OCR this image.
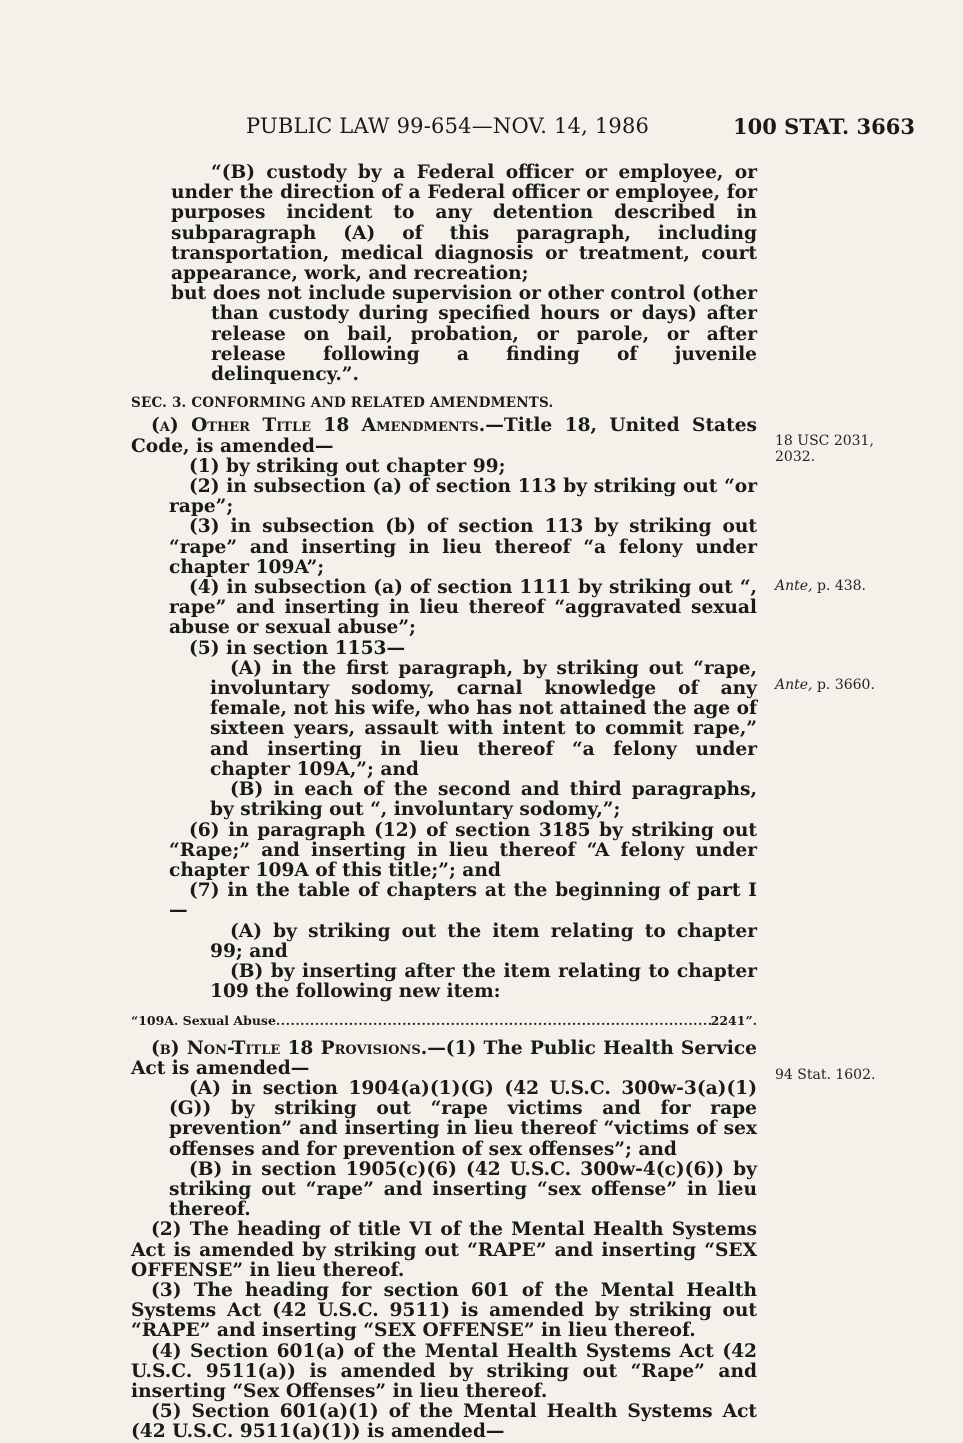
PUBLIC LAW 99-654—NOV. 14, 1986	100 STAT. 3663

“(B) custody by a Federal officer or employee, or under the direction of a Federal officer or employee, for purposes incident to any detention described in subparagraph (A) of this paragraph, including transportation, medical diagnosis or treatment, court appearance, work, and recreation;

but does not include supervision or other control (other than custody during specified hours or days) after release on bail, probation, or parole, or after release following a finding of juvenile delinquency.”.

SEC. 3. CONFORMING AND RELATED AMENDMENTS.

(a) Other Title 18 Amendments.—Title 18, United States Code, is amended—

(1) by striking out chapter 99;

(2) in subsection (a) of section 113 by striking out “or rape”;

(3) in subsection (b) of section 113 by striking out “rape” and inserting in lieu thereof “a felony under chapter 109A”;

(4) in subsection (a) of section 1111 by striking out “, rape” and inserting in lieu thereof “aggravated sexual abuse or sexual abuse”;

(5) in section 1153—

(A) in the first paragraph, by striking out “rape, involuntary sodomy, carnal knowledge of any female, not his wife, who has not attained the age of sixteen years, assault with intent to commit rape,” and inserting in lieu thereof “a felony under chapter 109A,”; and

(B) in each of the second and third paragraphs, by striking out “, involuntary sodomy,”;

(6) in paragraph (12) of section 3185 by striking out “Rape;” and inserting in lieu thereof “A felony under chapter 109A of this title;”; and

(7) in the table of chapters at the beginning of part I—

(A) by striking out the item relating to chapter 99; and

(B) by inserting after the item relating to chapter 109 the following new item:

“109A. Sexual Abuse
.....	2241”.

(b) Non-Title 18 Provisions.—(1) The Public Health Service Act is amended—

(A) in section 1904(a)(1)(G) (42 U.S.C. 300w-3(a)(1)(G)) by striking out “rape victims and for rape prevention” and inserting in lieu thereof “victims of sex offenses and for prevention of sex offenses”; and

(B) in section 1905(c)(6) (42 U.S.C. 300w-4(c)(6)) by striking out “rape” and inserting “sex offense” in lieu thereof.

(2) The heading of title VI of the Mental Health Systems Act is amended by striking out “RAPE” and inserting “SEX OFFENSE” in lieu thereof.

(3) The heading for section 601 of the Mental Health Systems Act (42 U.S.C. 9511) is amended by striking out “RAPE” and inserting “SEX OFFENSE” in lieu thereof.

(4) Section 601(a) of the Mental Health Systems Act (42 U.S.C. 9511(a)) is amended by striking out “Rape” and inserting “Sex Offenses” in lieu thereof.

(5) Section 601(a)(1) of the Mental Health Systems Act (42 U.S.C. 9511(a)(1)) is amended—

18 USC 2031,
2032.
Ante, p. 438.
Ante, p. 3660.
94 Stat. 1602.
